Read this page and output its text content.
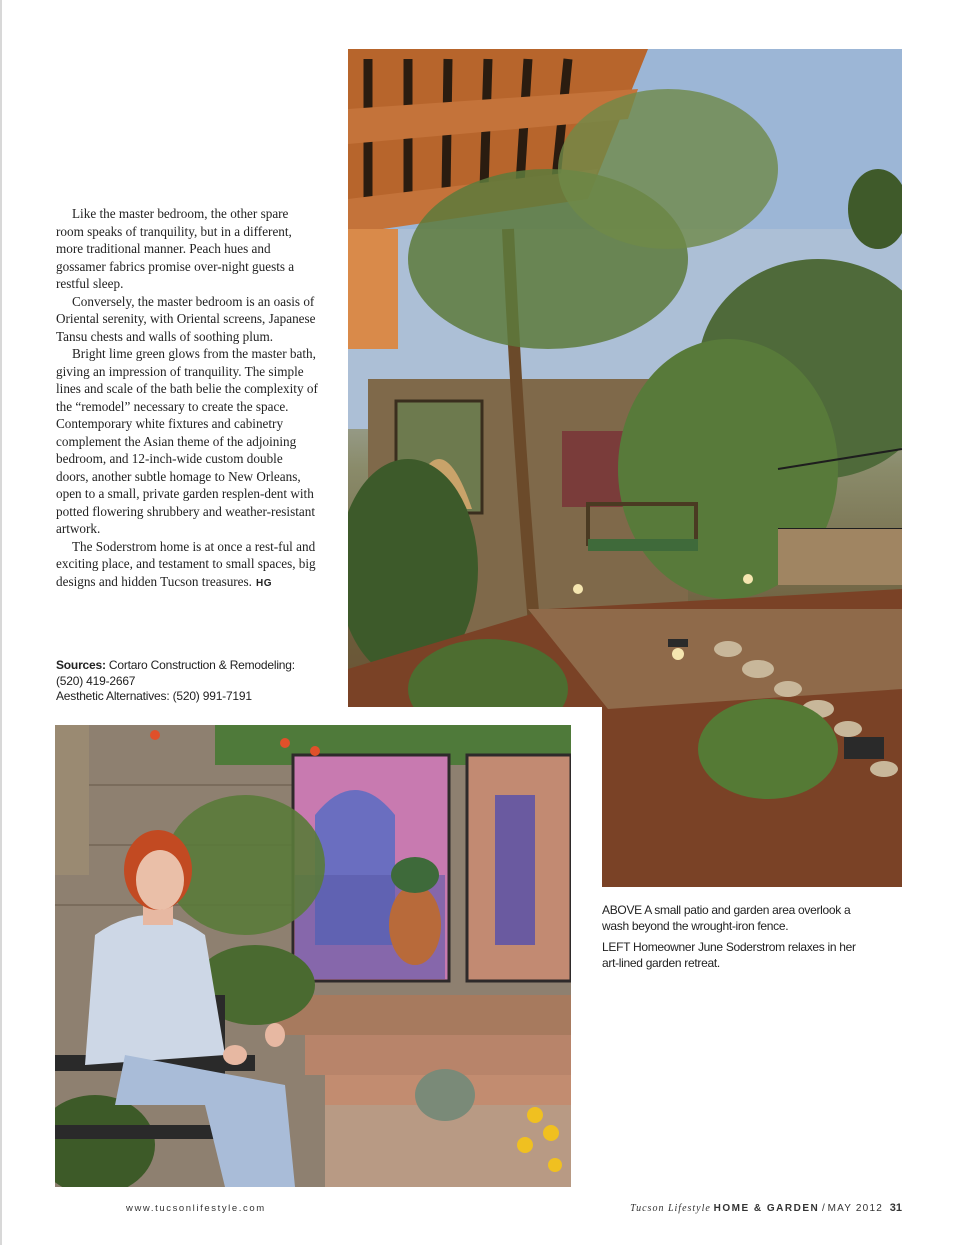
Like the master bedroom, the other spare room speaks of tranquility, but in a different, more traditional manner. Peach hues and gossamer fabrics promise over-night guests a restful sleep.

Conversely, the master bedroom is an oasis of Oriental serenity, with Oriental screens, Japanese Tansu chests and walls of soothing plum.

Bright lime green glows from the master bath, giving an impression of tranquility. The simple lines and scale of the bath belie the complexity of the “remodel” necessary to create the space. Contemporary white fixtures and cabinetry complement the Asian theme of the adjoining bedroom, and 12-inch-wide custom double doors, another subtle homage to New Orleans, open to a small, private garden resplen-dent with potted flowering shrubbery and weather-resistant artwork.

The Soderstrom home is at once a rest-ful and exciting place, and testament to small spaces, big designs and hidden Tucson treasures. HG

Sources: Cortaro Construction & Remodeling:
(520) 419-2667
Aesthetic Alternatives: (520) 991-7191

ABOVE A small patio and garden area overlook a wash beyond the wrought-iron fence.

LEFT Homeowner June Soderstrom relaxes in her art-lined garden retreat.

www.tucsonlifestyle.com	Tucson Lifestyle HOME & GARDEN / MAY 2012 31
